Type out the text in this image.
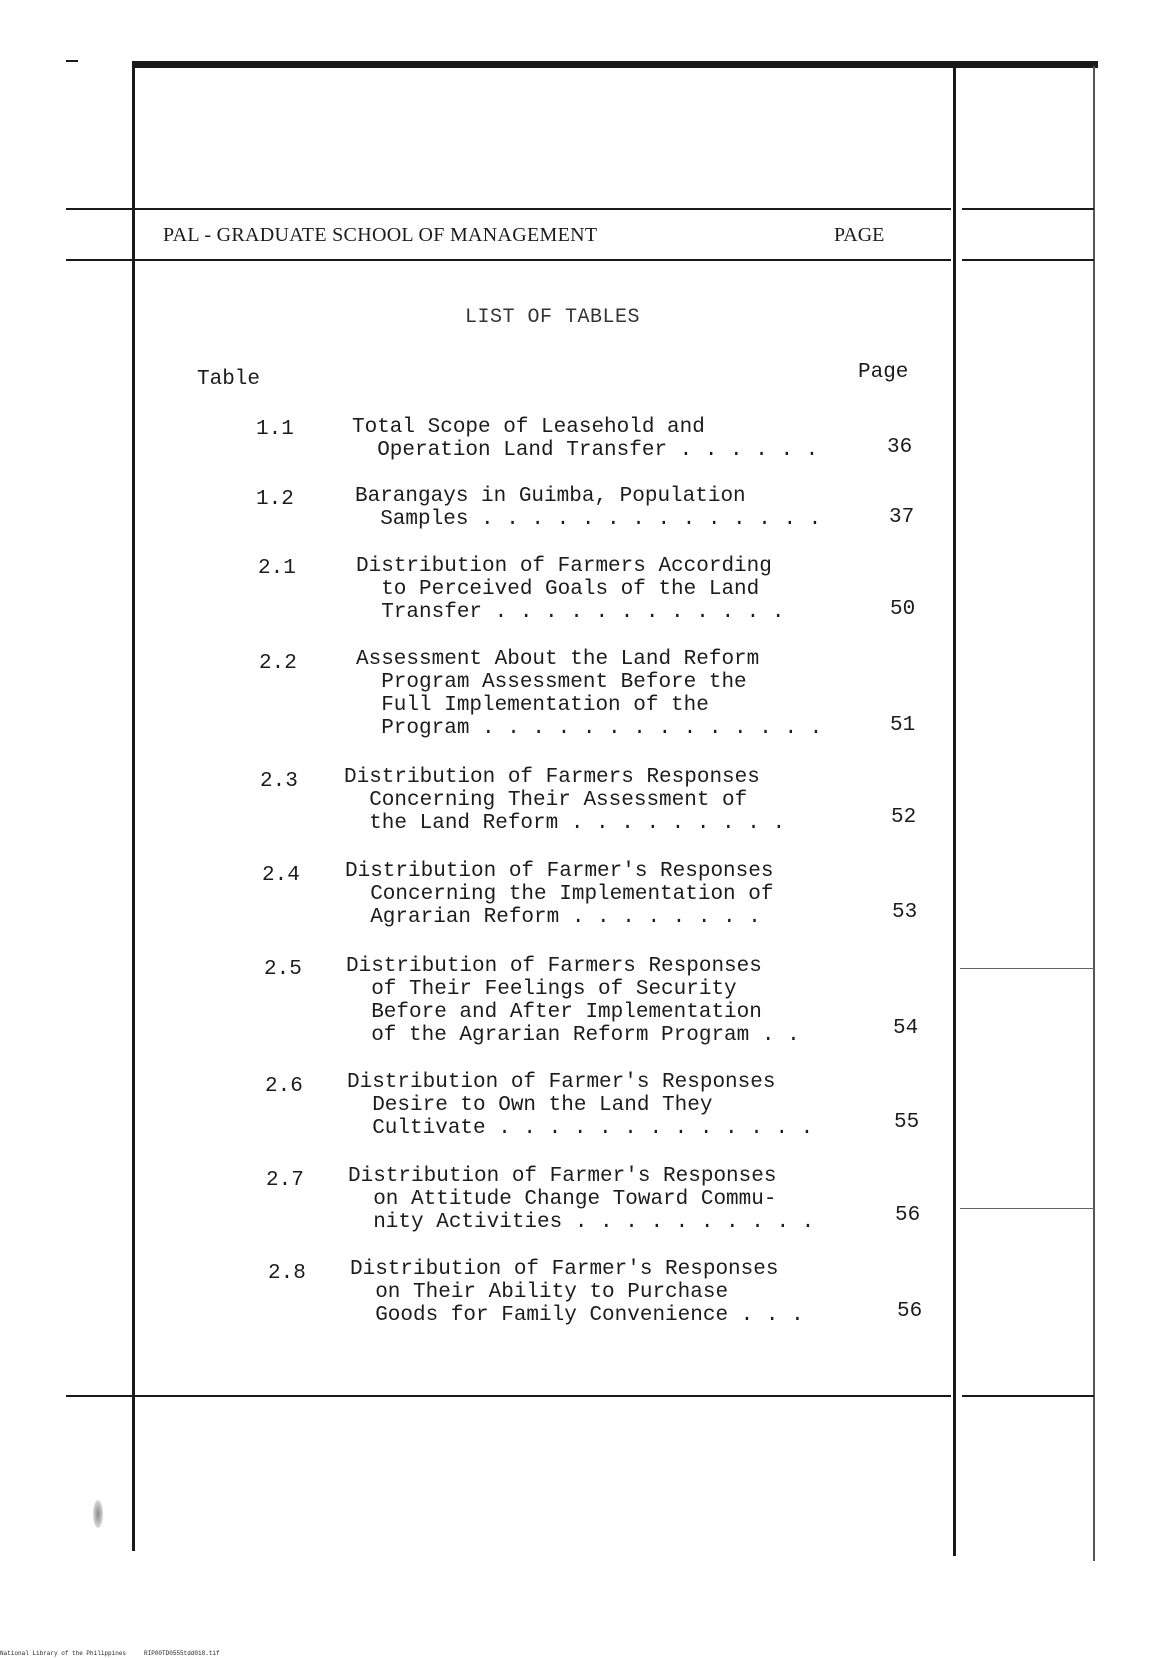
PAL - GRADUATE SCHOOL OF MANAGEMENT	PAGE
LIST OF TABLES
Table	Page
1.1	Total Scope of Leasehold and
Operation Land Transfer . . . . . .	36
1.2	Barangays in Guimba, Population
Samples . . . . . . . . . . . . . .	37
2.1	Distribution of Farmers According
to Perceived Goals of the Land
Transfer . . . . . . . . . . . .	50
2.2	Assessment About the Land Reform
Program Assessment Before the
Full Implementation of the
Program . . . . . . . . . . . . . .	51
2.3 Distribution of Farmers Responses
Concerning Their Assessment of
the Land Reform . . . . . . . . .	52
2.4 Distribution of Farmer's Responses
Concerning the Implementation of
Agrarian Reform . . . . . . . .	53
2.5 Distribution of Farmers Responses
of Their Feelings of Security
Before and After Implementation
of the Agrarian Reform Program . .	54
2.6 Distribution of Farmer's Responses
Desire to Own the Land They
Cultivate . . . . . . . . . . . . .	55
2.7 Distribution of Farmer's Responses
on Attitude Change Toward Commu-
nity Activities . . . . . . . . . .	56
2.8 Distribution of Farmer's Responses
on Their Ability to Purchase
Goods for Family Convenience . . .	56
National Library of the Philippines     RIP00TD0555tdd018.tif
